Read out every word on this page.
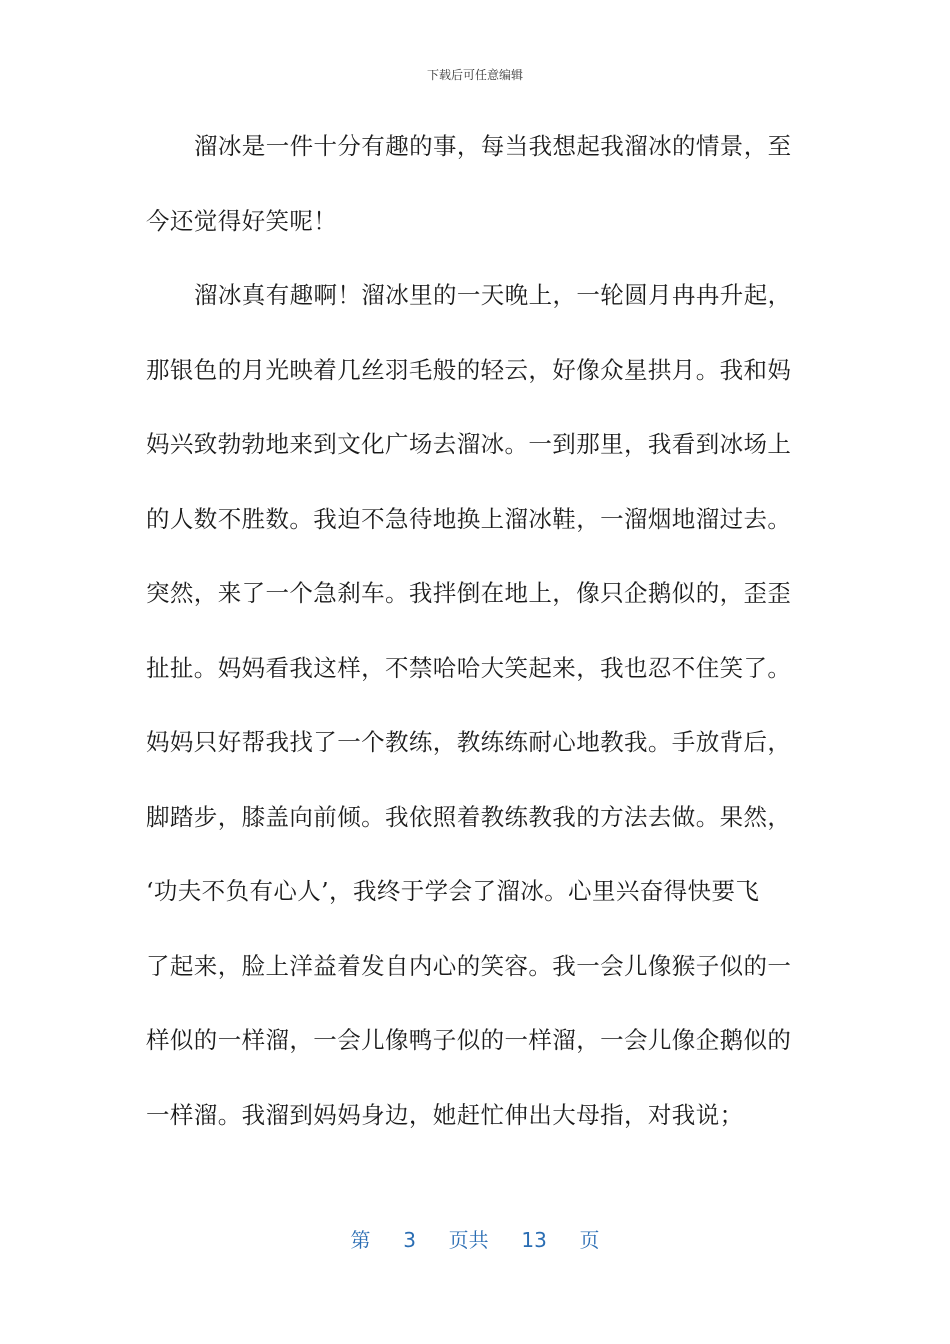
下载后可任意编辑
溜冰是一件十分有趣的事，每当我想起我溜冰的情景，至
今还觉得好笑呢！
溜冰真有趣啊！溜冰里的一天晚上，一轮圆月冉冉升起，
那银色的月光映着几丝羽毛般的轻云，好像众星拱月。我和妈
妈兴致勃勃地来到文化广场去溜冰。一到那里，我看到冰场上
的人数不胜数。我迫不急待地换上溜冰鞋，一溜烟地溜过去。
突然，来了一个急刹车。我拌倒在地上，像只企鹅似的，歪歪
扯扯。妈妈看我这样，不禁哈哈大笑起来，我也忍不住笑了。
妈妈只好帮我找了一个教练，教练练耐心地教我。手放背后，
脚踏步，膝盖向前倾。我依照着教练教我的方法去做。果然，
‘功夫不负有心人’，我终于学会了溜冰。心里兴奋得快要飞
了起来，脸上洋益着发自内心的笑容。我一会儿像猴子似的一
样似的一样溜，一会儿像鸭子似的一样溜，一会儿像企鹅似的
一样溜。我溜到妈妈身边，她赶忙伸出大母指，对我说；
第 3 页共 13 页
